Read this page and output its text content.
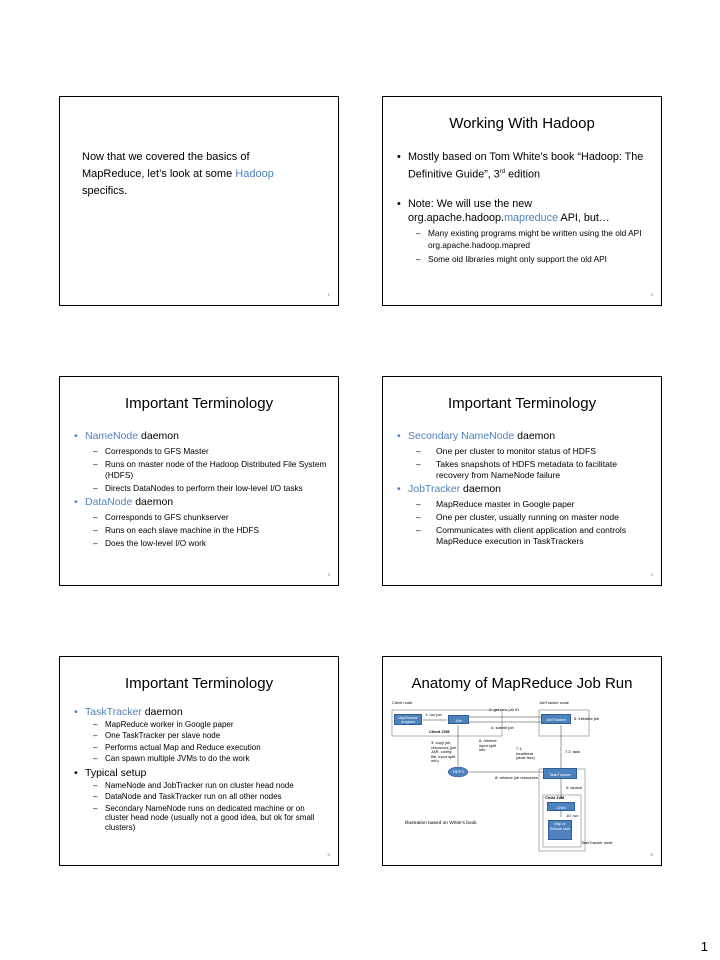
Now that we covered the basics of MapReduce, let’s look at some Hadoop specifics.
1
Working With Hadoop
• Mostly based on Tom White’s book “Hadoop: The Definitive Guide”, 3rd edition
• Note: We will use the new org.apache.hadoop.mapreduce API, but…
– Many existing programs might be written using the old API org.apache.hadoop.mapred
– Some old libraries might only support the old API
2
Important Terminology
• NameNode daemon
– Corresponds to GFS Master
– Runs on master node of the Hadoop Distributed File System (HDFS)
– Directs DataNodes to perform their low-level I/O tasks
• DataNode daemon
– Corresponds to GFS chunkserver
– Runs on each slave machine in the HDFS
– Does the low-level I/O work
3
Important Terminology
• Secondary NameNode daemon
– One per cluster to monitor status of HDFS
– Takes snapshots of HDFS metadata to facilitate recovery from NameNode failure
• JobTracker daemon
– MapReduce master in Google paper
– One per cluster, usually running on master node
– Communicates with client application and controls MapReduce execution in TaskTrackers
4
Important Terminology
• TaskTracker daemon
– MapReduce worker in Google paper
– One TaskTracker per slave node
– Performs actual Map and Reduce execution
– Can spawn multiple JVMs to do the work
• Typical setup
– NameNode and JobTracker run on cluster head node
– DataNode and TaskTracker run on all other nodes
– Secondary NameNode runs on dedicated machine or on cluster head node (usually not a good idea, but ok for small clusters)
5
Anatomy of MapReduce Job Run
Client node	JobTracker node
2: get new job ID
MapReduce program
1: run job
Job	JobTracker	5: initialize job
4: submit job
Client JVM
3: copy job resources (job JAR, config file, input split info)
6: retrieve input split info	7.1: heartbeat (slots free)
7.2: task
HDFS
TaskTracker
8: retrieve job resources
9: launch
Child JVM
Child
10: run
Map or Reduce task
Illustration based on White’s book
TaskTracker node
6
1
